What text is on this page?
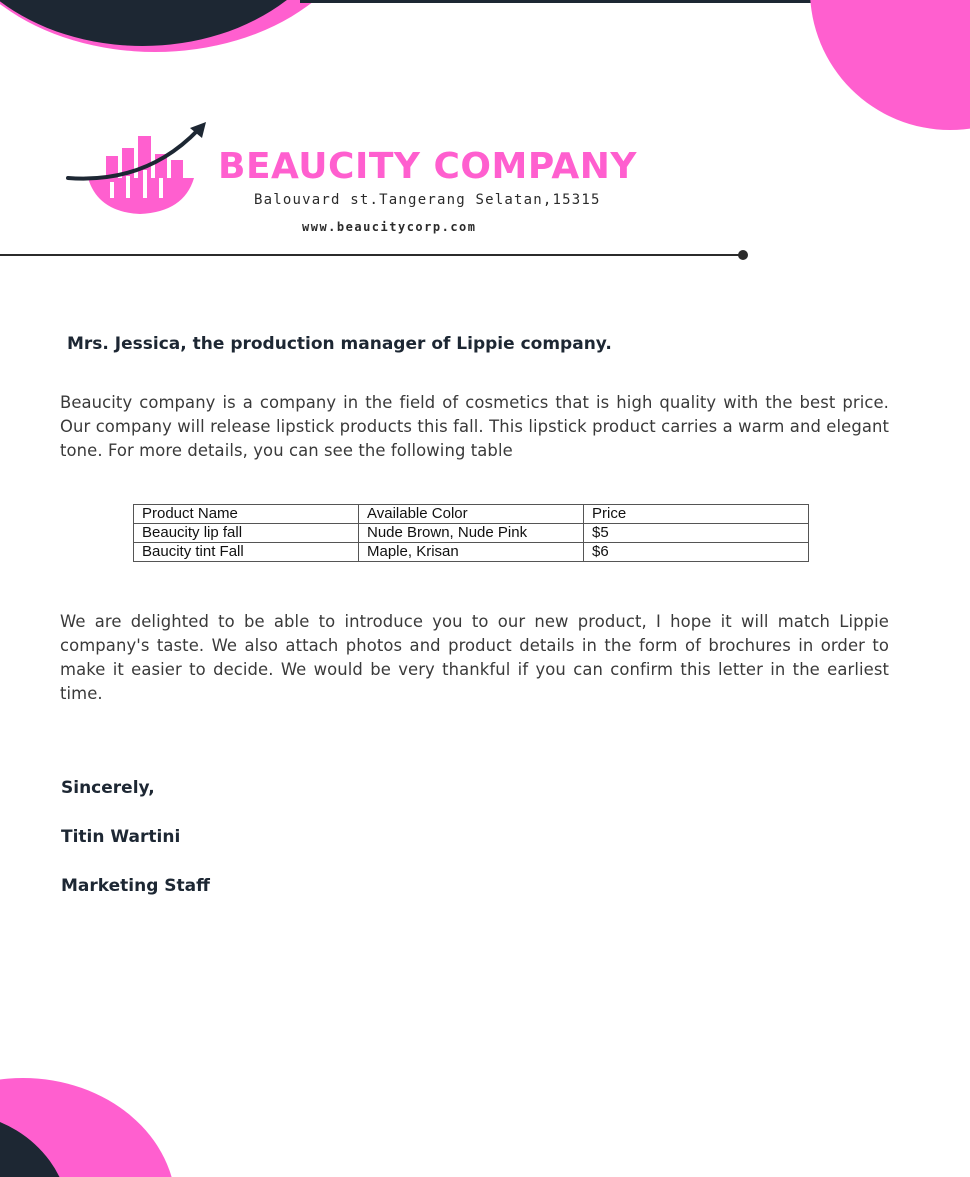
BEAUCITY COMPANY
Balouvard st.Tangerang Selatan,15315
www.beaucitycorp.com

Mrs. Jessica, the production manager of Lippie company.

Beaucity company is a company in the field of cosmetics that is high quality with the best price. Our company will release lipstick products this fall. This lipstick product carries a warm and elegant tone. For more details, you can see the following table

Product Name	Available Color	Price
Beaucity lip fall	Nude Brown, Nude Pink	$5
Baucity tint Fall	Maple, Krisan	$6

We are delighted to be able to introduce you to our new product, I hope it will match Lippie company's taste. We also attach photos and product details in the form of brochures in order to make it easier to decide. We would be very thankful if you can confirm this letter in the earliest time.

Sincerely,

Titin Wartini

Marketing Staff
